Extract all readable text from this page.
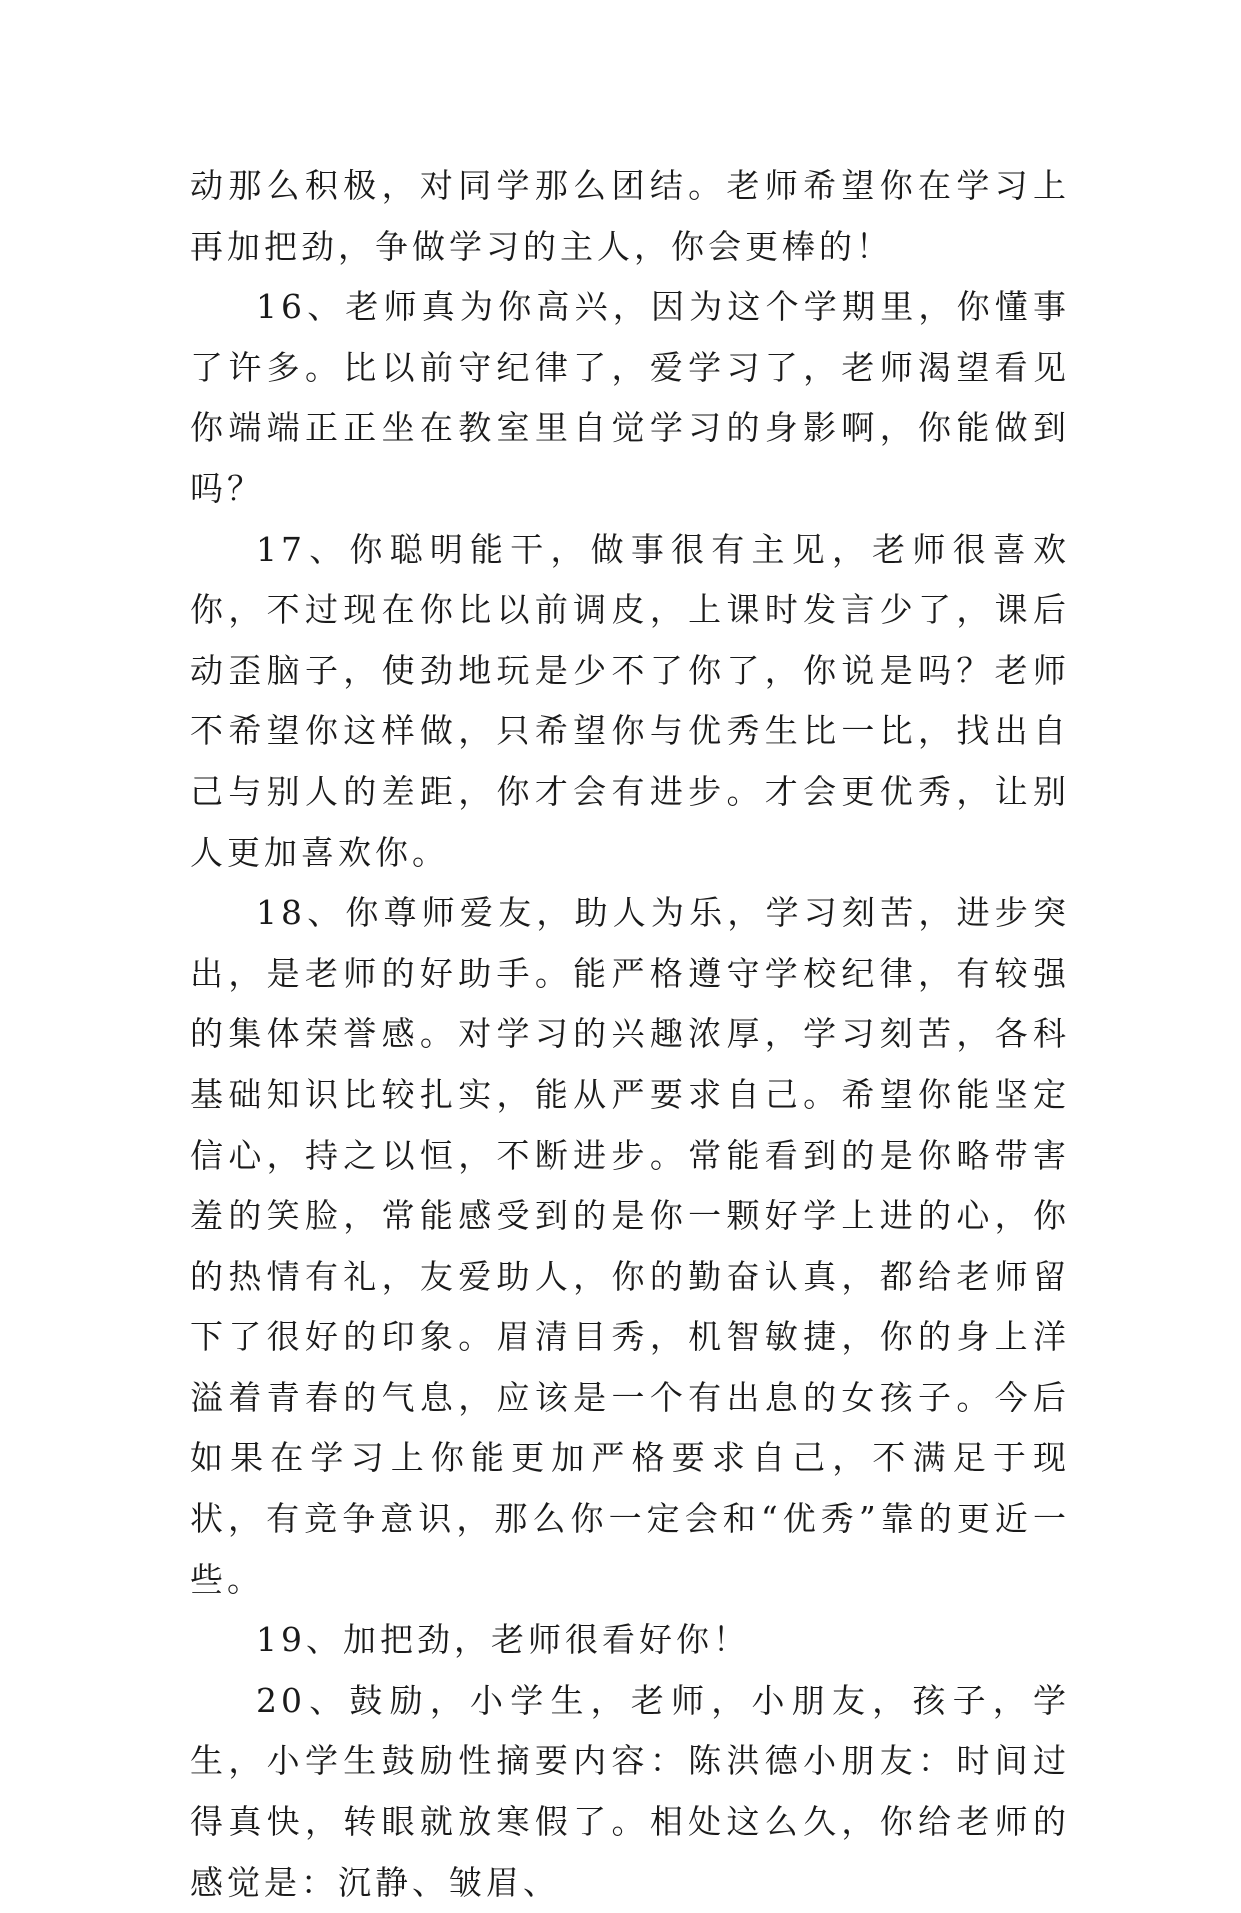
动那么积极，对同学那么团结。老师希望你在学习上再加把劲，争做学习的主人，你会更棒的！

16、老师真为你高兴，因为这个学期里，你懂事了许多。比以前守纪律了，爱学习了，老师渴望看见你端端正正坐在教室里自觉学习的身影啊，你能做到吗？

17、你聪明能干，做事很有主见，老师很喜欢你，不过现在你比以前调皮，上课时发言少了，课后动歪脑子，使劲地玩是少不了你了，你说是吗？老师不希望你这样做，只希望你与优秀生比一比，找出自己与别人的差距，你才会有进步。才会更优秀，让别人更加喜欢你。

18、你尊师爱友，助人为乐，学习刻苦，进步突出，是老师的好助手。能严格遵守学校纪律，有较强的集体荣誉感。对学习的兴趣浓厚，学习刻苦，各科基础知识比较扎实，能从严要求自己。希望你能坚定信心，持之以恒，不断进步。常能看到的是你略带害羞的笑脸，常能感受到的是你一颗好学上进的心，你的热情有礼，友爱助人，你的勤奋认真，都给老师留下了很好的印象。眉清目秀，机智敏捷，你的身上洋溢着青春的气息，应该是一个有出息的女孩子。今后如果在学习上你能更加严格要求自己，不满足于现状，有竞争意识，那么你一定会和“优秀”靠的更近一些。

19、加把劲，老师很看好你！

20、鼓励，小学生，老师，小朋友，孩子，学生，小学生鼓励性摘要内容：陈洪德小朋友：时间过得真快，转眼就放寒假了。相处这么久，你给老师的感觉是：沉静、皱眉、
